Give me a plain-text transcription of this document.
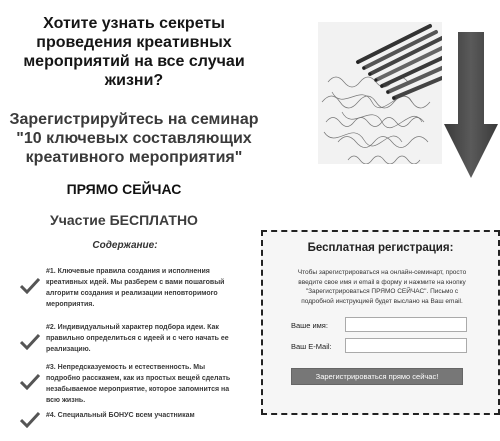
Хотите узнать секреты
проведения креативных
мероприятий на все случаи
жизни?
Зарегистрируйтесь на семинар
"10 ключевых составляющих
креативного мероприятия"
ПРЯМО СЕЙЧАС
Участие БЕСПЛАТНО
Содержание:
#1. Ключевые правила создания и исполнения
креативных идей. Мы разберем с вами пошаговый
алгоритм создания и реализации неповторимого
мероприятия.
#2. Индивидуальный характер подбора идеи. Как
правильно определиться с идеей и с чего начать ее
реализацию.
#3. Непредсказуемость и естественность. Мы
подробно расскажем, как из простых вещей сделать
незабываемое мероприятие, которое запомнится на
всю жизнь.
#4. Специальный БОНУС всем участникам
Бесплатная регистрация:
Чтобы зарегистрироваться на онлайн-семинарт, просто
введите свое имя и email в форму и нажмите на кнопку
"Зарегистрироваться ПРЯМО СЕЙЧАС". Письмо с
подробной инструкцией будет выслано на Ваш email.
Ваше имя:
Ваш E-Mail:
Зарегистрироваться прямо сейчас!
